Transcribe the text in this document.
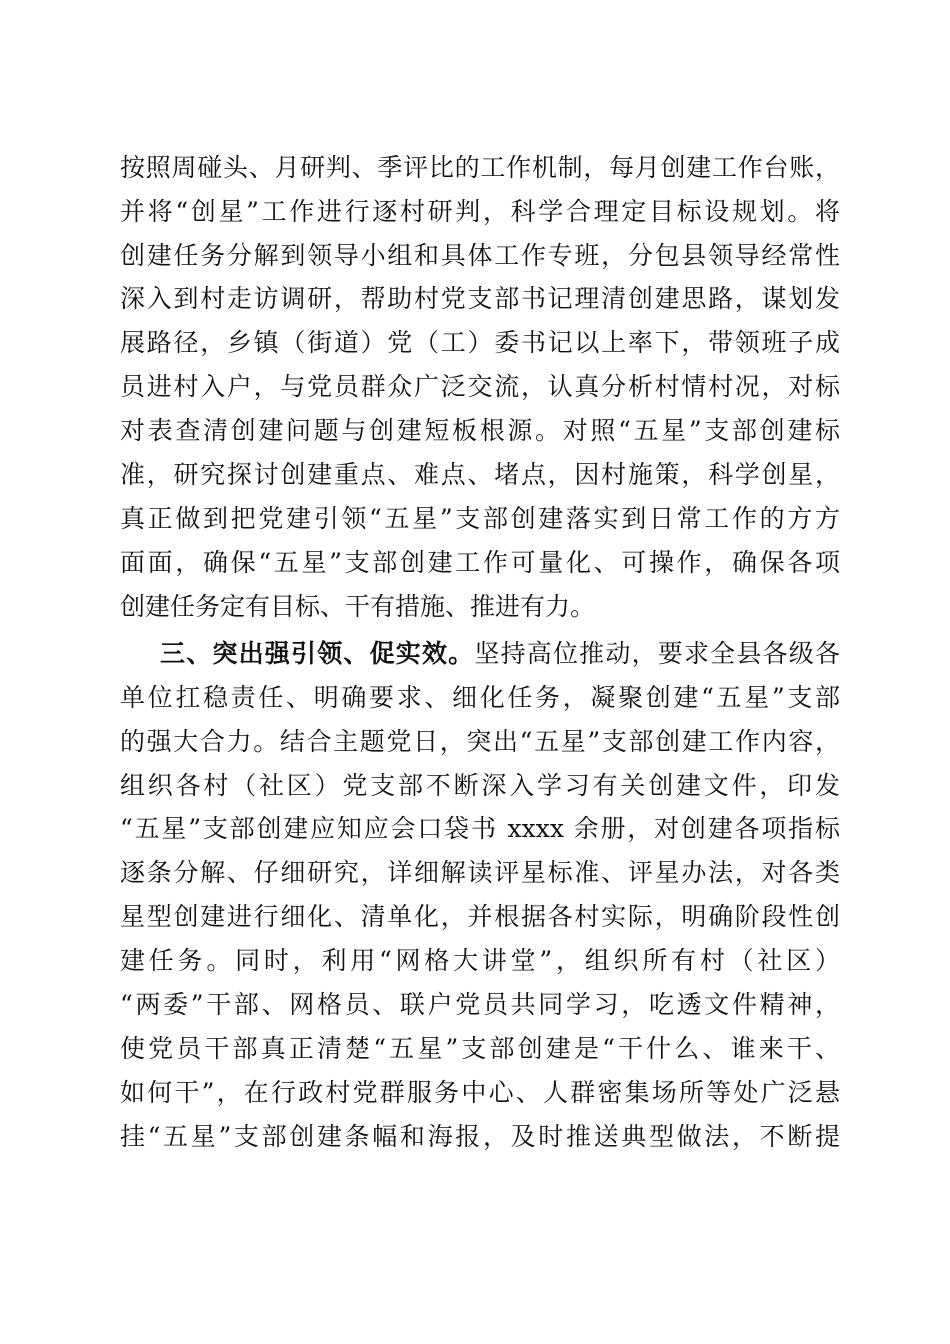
按照周碰头、月研判、季评比的工作机制，每月创建工作台账，
并将“创星”工作进行逐村研判，科学合理定目标设规划。将
创建任务分解到领导小组和具体工作专班，分包县领导经常性
深入到村走访调研，帮助村党支部书记理清创建思路，谋划发
展路径，乡镇（街道）党（工）委书记以上率下，带领班子成
员进村入户，与党员群众广泛交流，认真分析村情村况，对标
对表查清创建问题与创建短板根源。对照“五星”支部创建标
准，研究探讨创建重点、难点、堵点，因村施策，科学创星，
真正做到把党建引领“五星”支部创建落实到日常工作的方方
面面，确保“五星”支部创建工作可量化、可操作，确保各项
创建任务定有目标、干有措施、推进有力。
三、突出强引领、促实效。坚持高位推动，要求全县各级各
单位扛稳责任、明确要求、细化任务，凝聚创建“五星”支部
的强大合力。结合主题党日，突出“五星”支部创建工作内容，
组织各村（社区）党支部不断深入学习有关创建文件，印发
“五星”支部创建应知应会口袋书 xxxx 余册，对创建各项指标
逐条分解、仔细研究，详细解读评星标准、评星办法，对各类
星型创建进行细化、清单化，并根据各村实际，明确阶段性创
建任务。同时，利用“网格大讲堂”，组织所有村（社区）
“两委”干部、网格员、联户党员共同学习，吃透文件精神，
使党员干部真正清楚“五星”支部创建是“干什么、谁来干、
如何干”，在行政村党群服务中心、人群密集场所等处广泛悬
挂“五星”支部创建条幅和海报，及时推送典型做法，不断提
